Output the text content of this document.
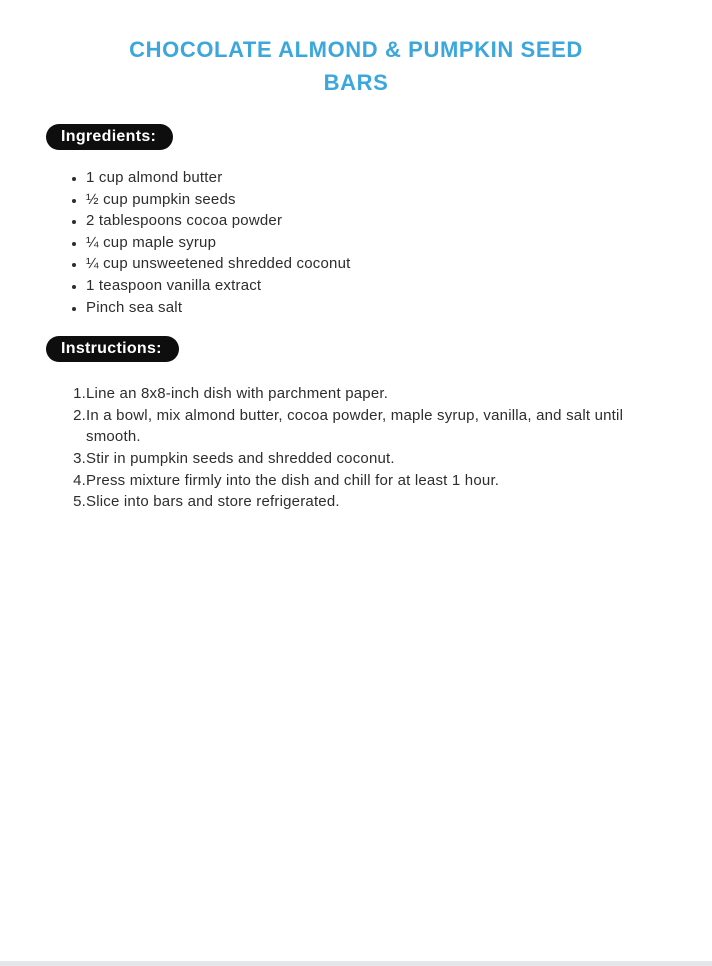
CHOCOLATE ALMOND & PUMPKIN SEED
BARS
Ingredients:
• 1 cup almond butter
• ½ cup pumpkin seeds
• 2 tablespoons cocoa powder
• ¼ cup maple syrup
• ¼ cup unsweetened shredded coconut
• 1 teaspoon vanilla extract
• Pinch sea salt
Instructions:
1. Line an 8x8-inch dish with parchment paper.
2. In a bowl, mix almond butter, cocoa powder, maple syrup, vanilla, and salt until smooth.
3. Stir in pumpkin seeds and shredded coconut.
4. Press mixture firmly into the dish and chill for at least 1 hour.
5. Slice into bars and store refrigerated.
